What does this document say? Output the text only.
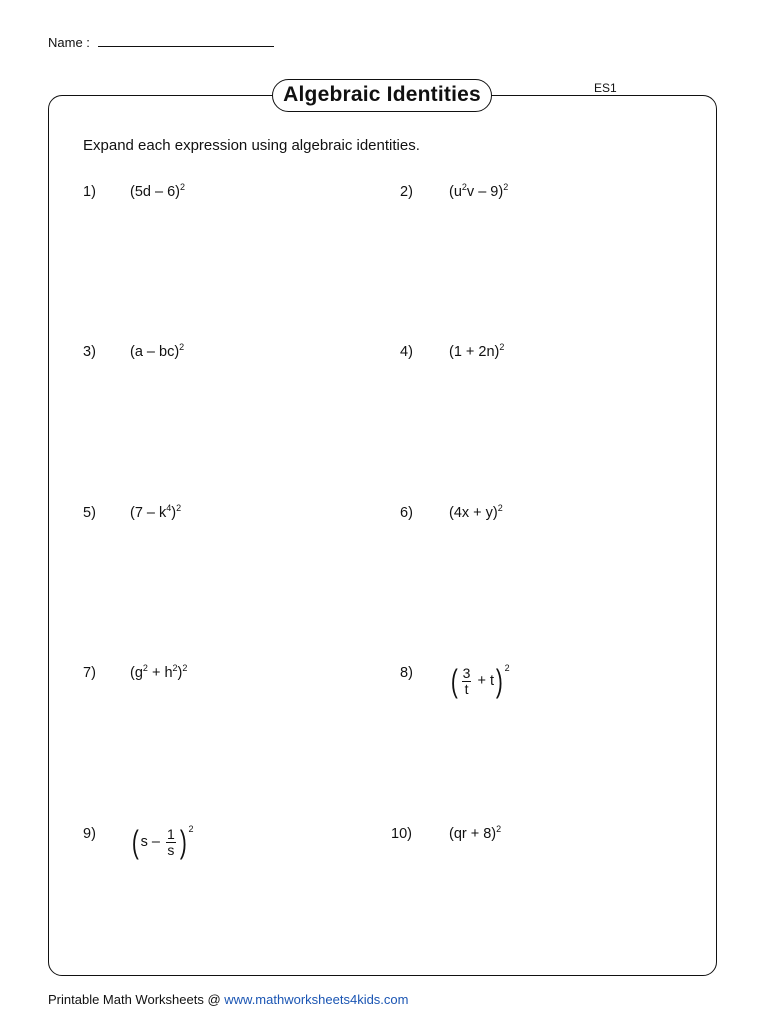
Name :
ES1
Algebraic Identities
Expand each expression using algebraic identities.
1) (5d – 6)$^2$	2) $(u^2v - 9)^2$
3) (a – bc)$^2$	4) $(1 + 2n)^2$
5) $(7 - k^4)^2$	6) $(4x + y)^2$
7) $(g^2 + h^2)^2$	8) ( $\frac{3}{t} + t$ ) 2
9) ( s – $\frac{1}{s}$ ) 2	10)	(qr + 8)$^2$
Printable Math Worksheets @ www.mathworksheets4kids.com
